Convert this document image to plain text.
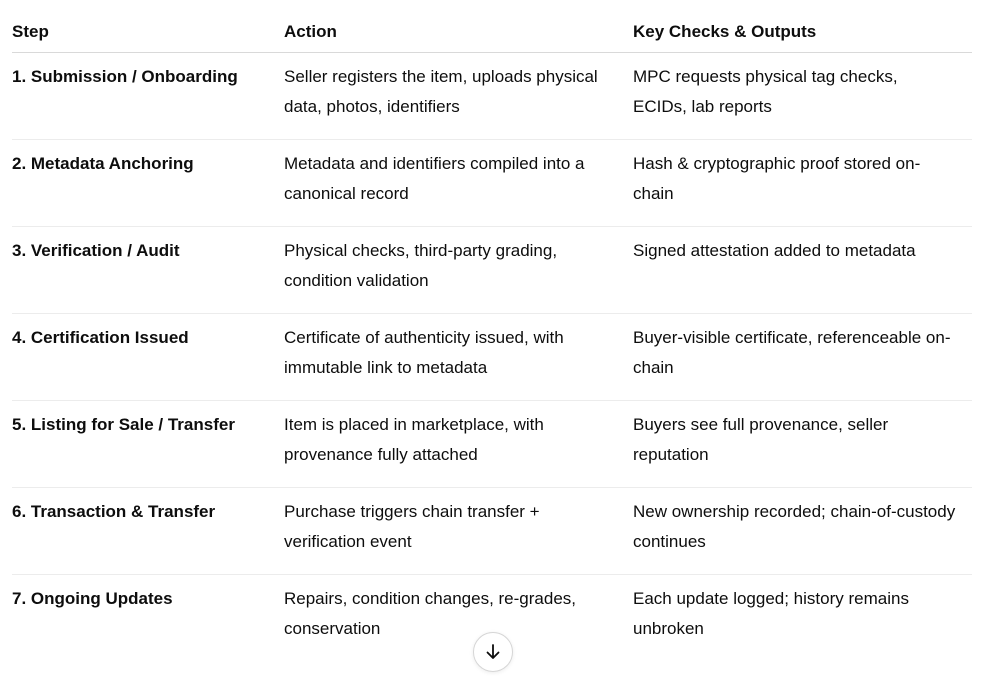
Step	Action	Key Checks & Outputs
1. Submission / Onboarding	Seller registers the item, uploads physical data, photos, identifiers	MPC requests physical tag checks, ECIDs, lab reports
2. Metadata Anchoring	Metadata and identifiers compiled into a canonical record	Hash & cryptographic proof stored on-chain
3. Verification / Audit	Physical checks, third-party grading, condition validation	Signed attestation added to metadata
4. Certification Issued	Certificate of authenticity issued, with immutable link to metadata	Buyer-visible certificate, referenceable on-chain
5. Listing for Sale / Transfer	Item is placed in marketplace, with provenance fully attached	Buyers see full provenance, seller reputation
6. Transaction & Transfer	Purchase triggers chain transfer + verification event	New ownership recorded; chain-of-custody continues
7. Ongoing Updates	Repairs, condition changes, re-grades, conservation	Each update logged; history remains unbroken
